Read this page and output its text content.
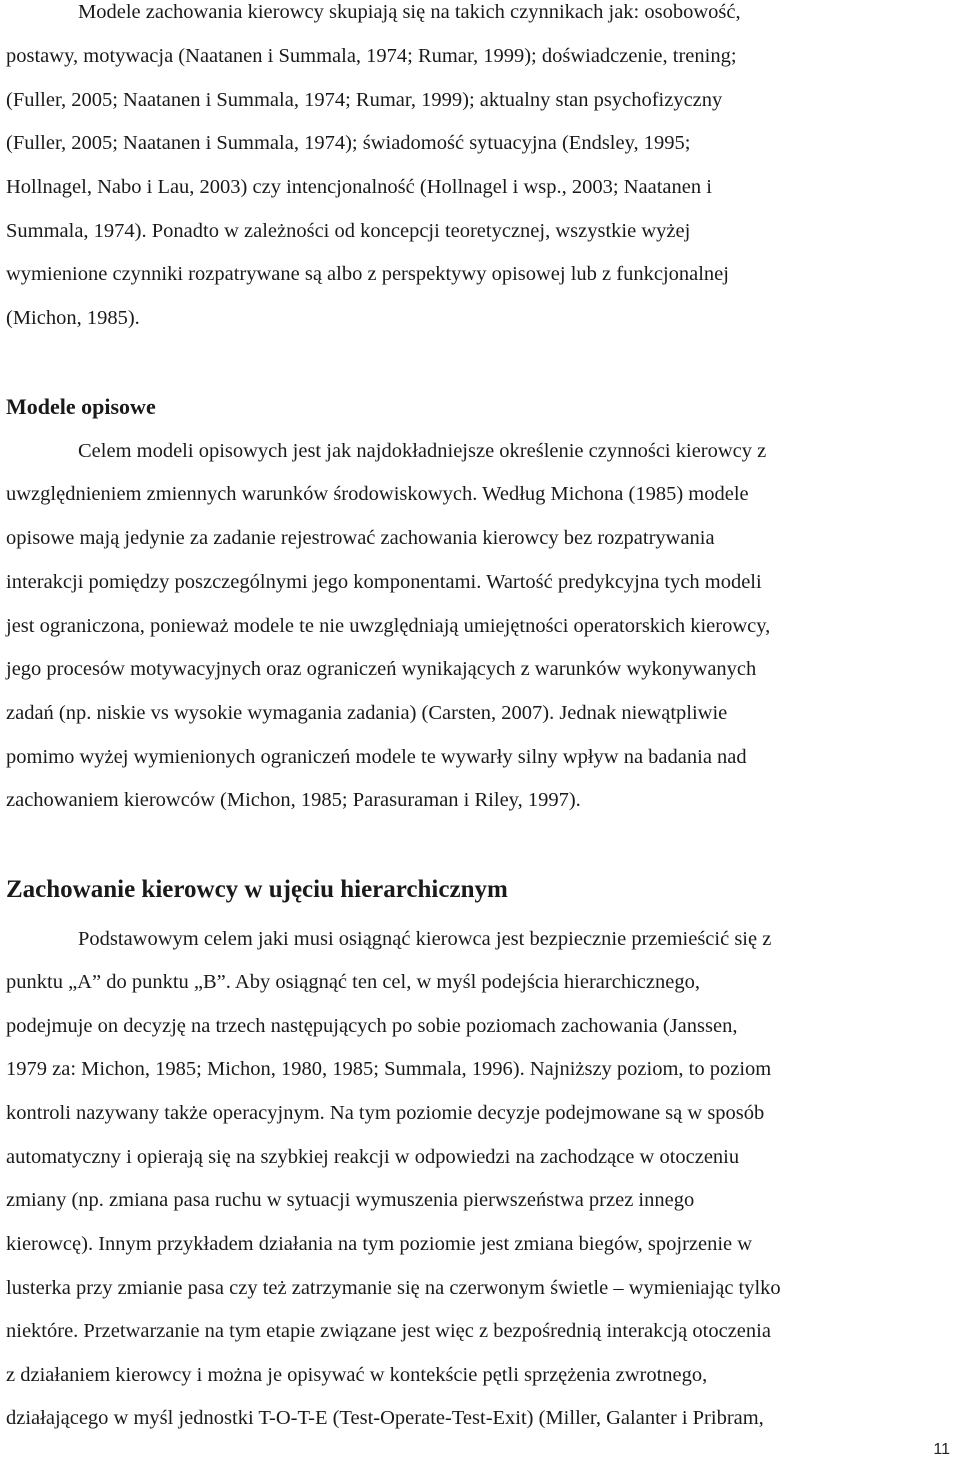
Modele zachowania kierowcy skupiają się na takich czynnikach jak: osobowość,
postawy, motywacja (Naatanen i Summala, 1974; Rumar, 1999); doświadczenie, trening;
(Fuller, 2005; Naatanen i Summala, 1974; Rumar, 1999); aktualny stan psychofizyczny
(Fuller, 2005; Naatanen i Summala, 1974); świadomość sytuacyjna (Endsley, 1995;
Hollnagel, Nabo i Lau, 2003) czy intencjonalność (Hollnagel i wsp., 2003; Naatanen i
Summala, 1974). Ponadto w zależności od koncepcji teoretycznej, wszystkie wyżej
wymienione czynniki rozpatrywane są albo z perspektywy opisowej lub z funkcjonalnej
(Michon, 1985).
Modele opisowe
Celem modeli opisowych jest jak najdokładniejsze określenie czynności kierowcy z
uwzględnieniem zmiennych warunków środowiskowych. Według Michona (1985) modele
opisowe mają jedynie za zadanie rejestrować zachowania kierowcy bez rozpatrywania
interakcji pomiędzy poszczególnymi jego komponentami. Wartość predykcyjna tych modeli
jest ograniczona, ponieważ modele te nie uwzględniają umiejętności operatorskich kierowcy,
jego procesów motywacyjnych oraz ograniczeń wynikających z warunków wykonywanych
zadań (np. niskie vs wysokie wymagania zadania) (Carsten, 2007). Jednak niewątpliwie
pomimo wyżej wymienionych ograniczeń modele te wywarły silny wpływ na badania nad
zachowaniem kierowców (Michon, 1985; Parasuraman i Riley, 1997).
Zachowanie kierowcy w ujęciu hierarchicznym
Podstawowym celem jaki musi osiągnąć kierowca jest bezpiecznie przemieścić się z
punktu „A” do punktu „B”. Aby osiągnąć ten cel, w myśl podejścia hierarchicznego,
podejmuje on decyzję na trzech następujących po sobie poziomach zachowania (Janssen,
1979 za: Michon, 1985; Michon, 1980, 1985; Summala, 1996). Najniższy poziom, to poziom
kontroli nazywany także operacyjnym. Na tym poziomie decyzje podejmowane są w sposób
automatyczny i opierają się na szybkiej reakcji w odpowiedzi na zachodzące w otoczeniu
zmiany (np. zmiana pasa ruchu w sytuacji wymuszenia pierwszeństwa przez innego
kierowcę). Innym przykładem działania na tym poziomie jest zmiana biegów, spojrzenie w
lusterka przy zmianie pasa czy też zatrzymanie się na czerwonym świetle – wymieniając tylko
niektóre. Przetwarzanie na tym etapie związane jest więc z bezpośrednią interakcją otoczenia
z działaniem kierowcy i można je opisywać w kontekście pętli sprzężenia zwrotnego,
działającego w myśl jednostki T-O-T-E (Test-Operate-Test-Exit) (Miller, Galanter i Pribram,
11
